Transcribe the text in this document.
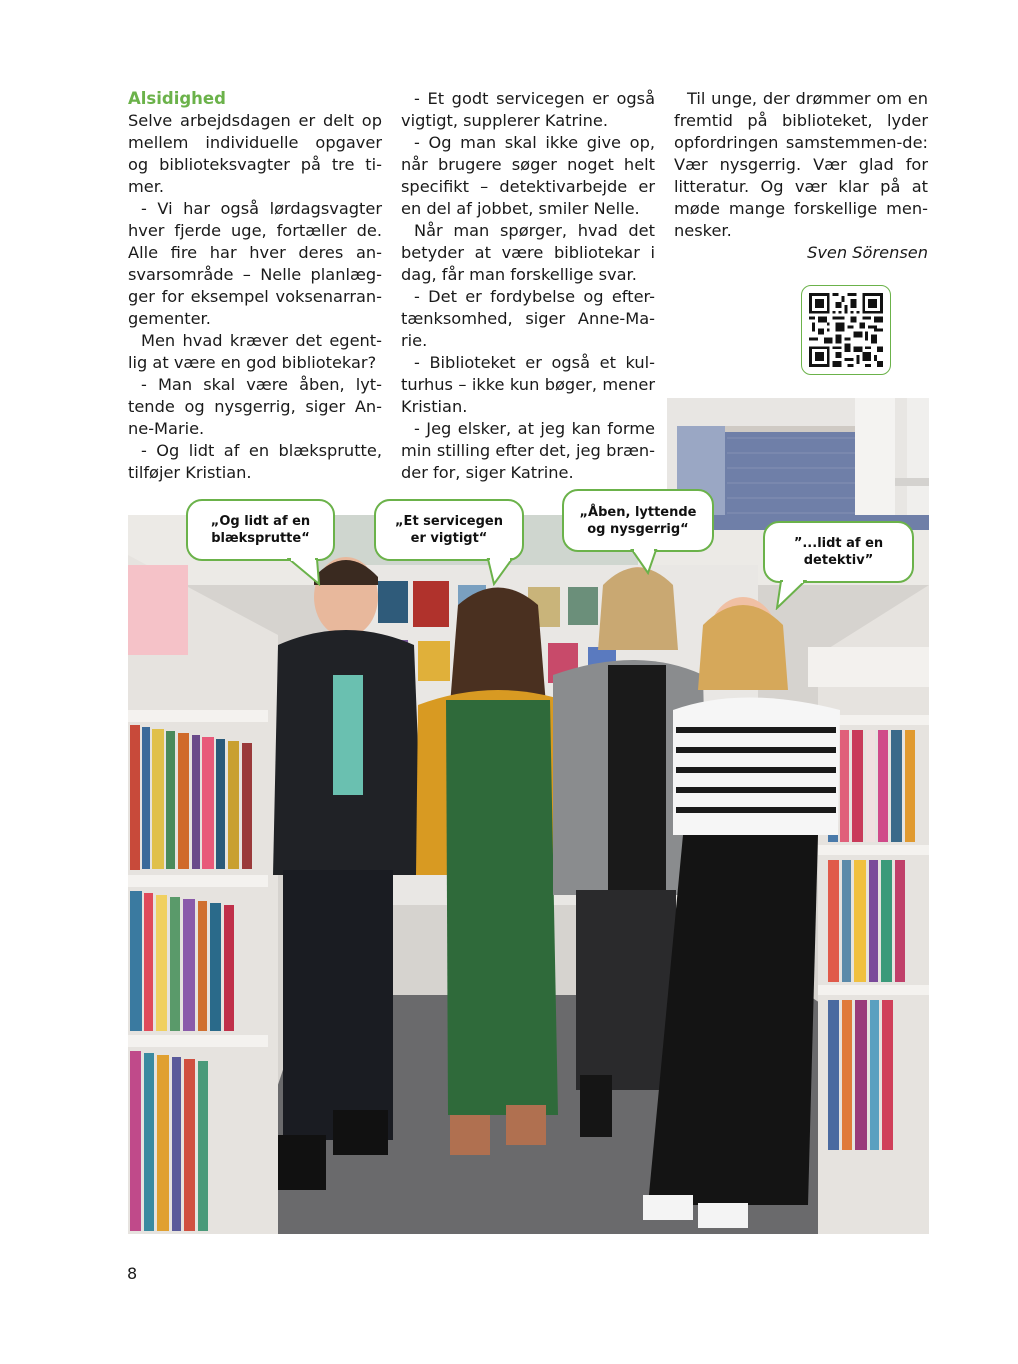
Alsidighed

Selve arbejdsdagen er delt op mellem individuelle opgaver og biblioteksvagter på tre ti-mer.

- Vi har også lørdagsvagter hver fjerde uge, fortæller de. Alle fire har hver deres an-svarsområde – Nelle planlæg-ger for eksempel voksenarran-gementer.

Men hvad kræver det egent-lig at være en god bibliotekar?

- Man skal være åben, lyt-tende og nysgerrig, siger An-ne-Marie.

- Og lidt af en blæksprutte, tilføjer Kristian.

- Et godt servicegen er også vigtigt, supplerer Katrine.

- Og man skal ikke give op, når brugere søger noget helt specifikt – detektivarbejde er en del af jobbet, smiler Nelle.

Når man spørger, hvad det betyder at være bibliotekar i dag, får man forskellige svar.

- Det er fordybelse og efter-tænksomhed, siger Anne-Ma-rie.

- Biblioteket er også et kul-turhus – ikke kun bøger, mener Kristian.

- Jeg elsker, at jeg kan forme min stilling efter det, jeg bræn-der for, siger Katrine.

Til unge, der drømmer om en fremtid på biblioteket, lyder opfordringen samstemmen-de: Vær nysgerrig. Vær glad for litteratur. Og vær klar på at møde mange forskellige men-nesker.

Sven Sörensen

„Og lidt af en
blæksprutte“
„Et servicegen
er vigtigt“
„Åben, lyttende
og nysgerrig“
”...lidt af en
detektiv”
8
